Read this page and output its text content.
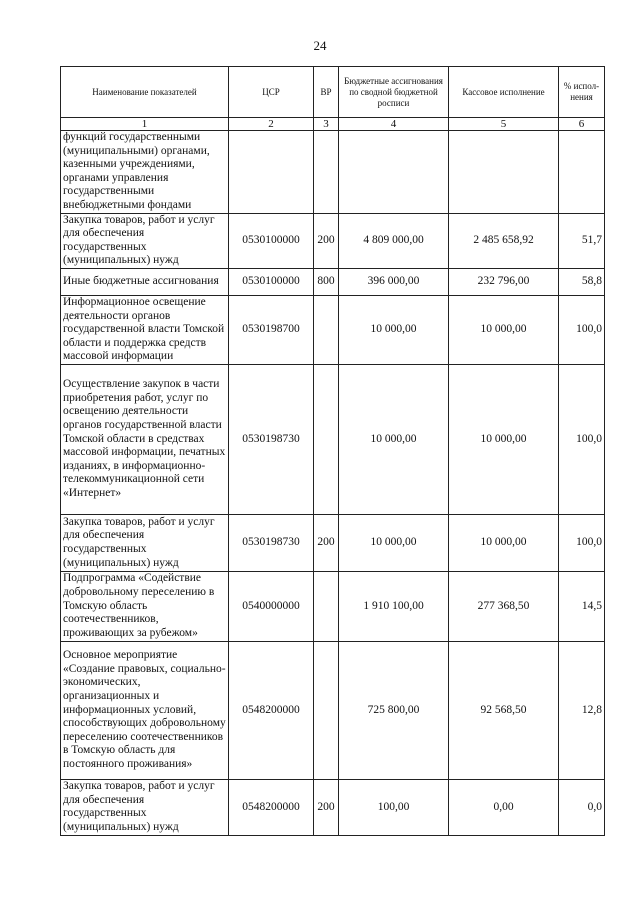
24
Наименование показателей	ЦСР	ВР	Бюджетные ассигнования по сводной бюджетной росписи	Кассовое исполнение	% испол-нения
1	2	3	4	5	6
функций государственными (муниципальными) органами, казенными учреждениями, органами управления государственными внебюджетными фондами					
Закупка товаров, работ и услуг для обеспечения государственных (муниципальных) нужд	0530100000	200	4 809 000,00	2 485 658,92	51,7
Иные бюджетные ассигнования	0530100000	800	396 000,00	232 796,00	58,8
Информационное освещение деятельности органов государственной власти Томской области и поддержка средств массовой информации	0530198700		10 000,00	10 000,00	100,0
Осуществление закупок в части приобретения работ, услуг по освещению деятельности органов государственной власти Томской области в средствах массовой информации, печатных изданиях, в информационно-телекоммуникационной сети «Интернет»	0530198730		10 000,00	10 000,00	100,0
Закупка товаров, работ и услуг для обеспечения государственных (муниципальных) нужд	0530198730	200	10 000,00	10 000,00	100,0
Подпрограмма «Содействие добровольному переселению в Томскую область соотечественников, проживающих за рубежом»	0540000000		1 910 100,00	277 368,50	14,5
Основное мероприятие «Создание правовых, социально-экономических, организационных и информационных условий, способствующих добровольному переселению соотечественников в Томскую область для постоянного проживания»	0548200000		725 800,00	92 568,50	12,8
Закупка товаров, работ и услуг для обеспечения государственных (муниципальных) нужд	0548200000	200	100,00	0,00	0,0
